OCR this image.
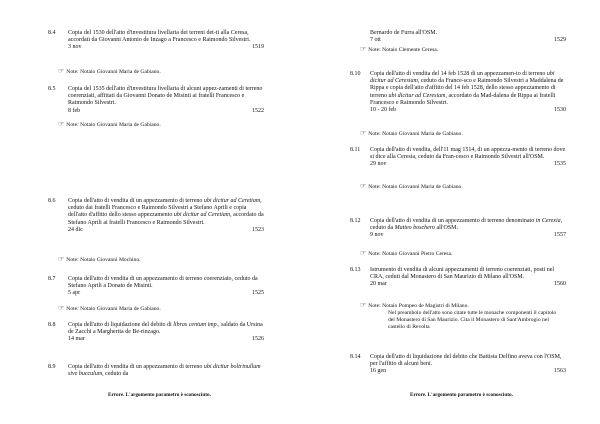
8.4 Copia del 1530 dell'atto d'investitura livellaria dei terreni det-ti alla Ceresa, accordati da Giovanni Antonio de Inzago a Francesco e Raimondo Silvestri.
3 nov	1519
☞ Note: Notaio Giovanni Maria de Gabiano.
8.5 Copia del 1535 dell'atto d'investitura livellaria di alcuni appez-zamenti di terreno coerenziati, affittati da Giovanni Donato de Misinti ai fratelli Francesco e Raimondo Silvestri.
8 feb	1522
☞ Note: Notaio Giovanni Maria de Gabiano.
8.6 Copia dell'atto di vendita di un appezzamento di terreno ubi dicitur ad Ceretiam, ceduto dai fratelli Francesco e Raimondo Silvestri a Stefano Aprili e copia dell'atto d'affitto dello stesso appezzamento ubi dicitur ad Ceretiam, accordato da Stefano Aprili ai fratelli Francesco e Raimondo Silvestri.
24 dic	1523
☞ Note: Notaio Giovanni Mochino.
8.7 Copia dell'atto di vendita di un appezzamento di terreno coerenziato, ceduto da Stefano Aprili a Donato de Misinti.
5 apr	1525
☞ Note: Notaio Giovanni Maria de Gabiano.
8.8 Copia dell'atto di liquidazione del debito di libras centum imp., saldato da Ursina de Zacchi a Margherita de Be-rinzago.
14 mar	1526
8.9 Copia dell'atto di vendita di un appezzamento di terreno ubi dicitur boltrinullum sive bucculum, ceduto da
Errore. L'argomento parametro è sconosciuto.
Bernardo de Furra all'OSM.
7 ott	1529
☞ Note: Notaio Clemente Ceresa.
8.10 Copia dell'atto di vendita del 14 feb 1528 di un appezzamen-to di terreno ubi dicitur ad Ceresiam, ceduto da France-sco e Raimondo Silvestri a Maddalena de Rippa e copia dell'atto d'affitto del 14 feb 1528, dello stesso appezzamento di terreno ubi dicitur ad Ceresiam, accordato da Mad-dalena de Rippa ai fratelli Francesco e Raimondo Silvestri.
10 - 20 feb	1530
☞ Note: Notaio Giovanni Maria de Gabiano.
8.11 Copia dell'atto di vendita, dell'11 mag 1514, di un appezza-mento di terreno dove si dice alla Ceresia, ceduto da Fran-cesco e Raimondo Silvestri all'OSM.
29 nov	1535
☞ Note: Notaio Giovanni Maria de Gabiano.
8.12 Copia dell'atto di vendita di un appezzamento di terreno denominato in Cerexia, ceduto da Matteo boschero all'OSM.
9 nov	1557
☞ Note: Notaio Giovanni Pietro Ceresa.
8.13 Istrumento di vendita di alcuni appezzamenti di terreno coerenziati, posti nel CRA, ceduti dal Monastero di San Maurizio di Milano all'OSM.
20 mar	1560
☞ Note: Notaio Pompeo de Magistri di Milano.
Nel preambolo dell'atto sono citate tutte le monache componenti il capitolo del Monastero di San Maurizio. Cita il Monastero di Sant'Ambrogio nel castello di Revolta
8.14 Copia dell'atto di liquidazione del debito che Battista Delfino aveva con l'OSM, per l'affitto di alcuni beni.
16 gen	1563
Errore. L'argomento parametro è sconosciuto.
